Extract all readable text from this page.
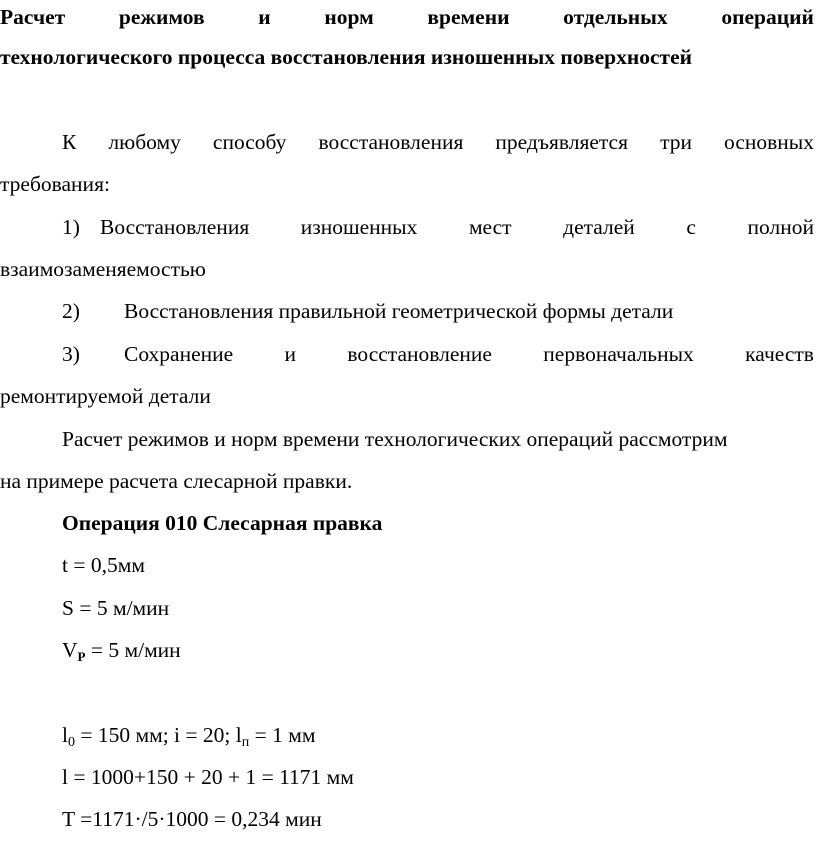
Расчет режимов и норм времени отдельных операций
технологического процесса восстановления изношенных поверхностей
К любому способу восстановления предъявляется три основных
требования:
1) Восстановления изношенных мест деталей с полной
взаимозаменяемостью
2) Восстановления правильной геометрической формы детали
3)	Сохранение и восстановление первоначальных качеств
ремонтируемой детали
Расчет режимов и норм времени технологических операций рассмотрим
на примере расчета слесарной правки.
Операция 010 Слесарная правка
t = 0,5мм
S = 5 м/мин
$V_P = 5$ м/мин
$l_0 = 150$ мм; i = 20; $l_п = 1$ мм
l = 1000+150 + 20 + 1 = 1171 мм
T =1171·/5·1000 = 0,234 мин
